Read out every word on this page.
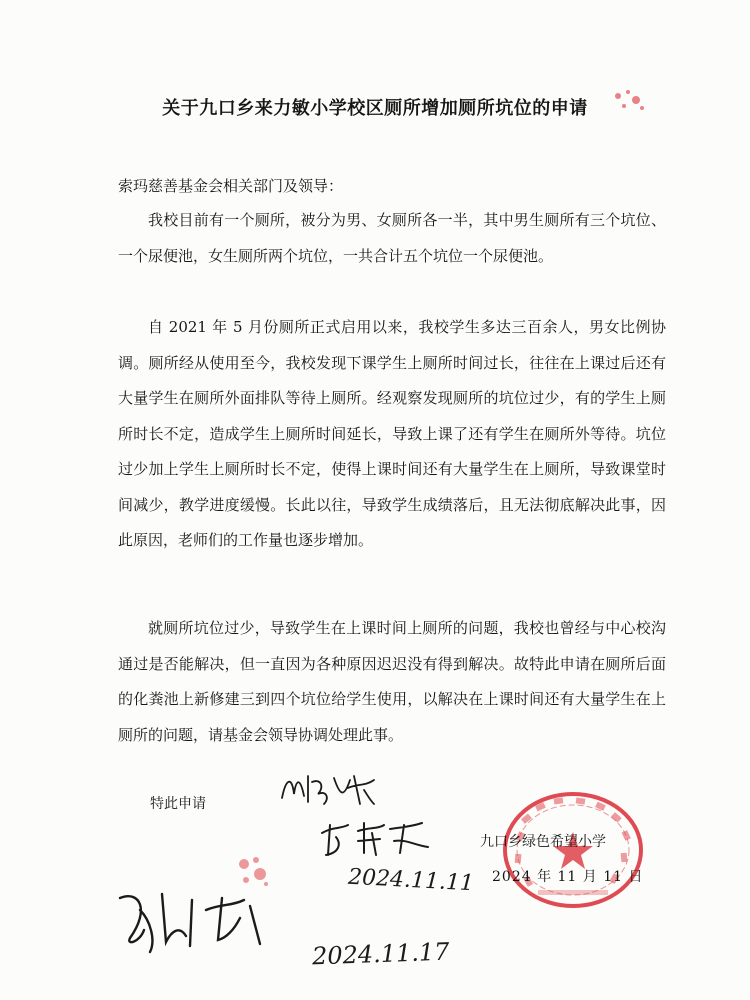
关于九口乡来力敏小学校区厕所增加厕所坑位的申请
索玛慈善基金会相关部门及领导：

我校目前有一个厕所，被分为男、女厕所各一半，其中男生厕所有三个坑位、一个尿便池，女生厕所两个坑位，一共合计五个坑位一个尿便池。

自 2021 年 5 月份厕所正式启用以来，我校学生多达三百余人，男女比例协调。厕所经从使用至今，我校发现下课学生上厕所时间过长，往往在上课过后还有大量学生在厕所外面排队等待上厕所。经观察发现厕所的坑位过少，有的学生上厕所时长不定，造成学生上厕所时间延长，导致上课了还有学生在厕所外等待。坑位过少加上学生上厕所时长不定，使得上课时间还有大量学生在上厕所，导致课堂时间减少，教学进度缓慢。长此以往，导致学生成绩落后，且无法彻底解决此事，因此原因，老师们的工作量也逐步增加。

就厕所坑位过少，导致学生在上课时间上厕所的问题，我校也曾经与中心校沟通过是否能解决，但一直因为各种原因迟迟没有得到解决。故特此申请在厕所后面的化粪池上新修建三到四个坑位给学生使用，以解决在上课时间还有大量学生在上厕所的问题，请基金会领导协调处理此事。

特此申请
九口乡绿色希望小学
2024 年 11 月 11 日
2024.11.11
2024.11.17
